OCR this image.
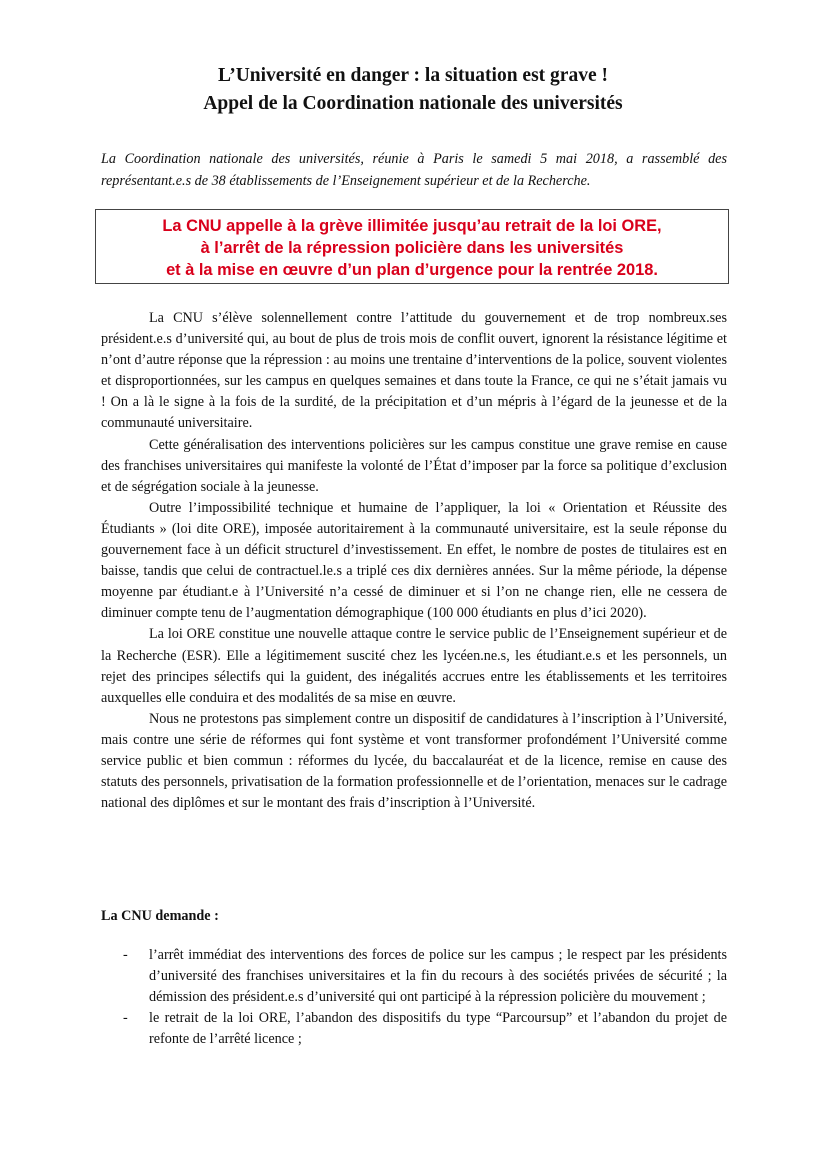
L’Université en danger : la situation est grave !
Appel de la Coordination nationale des universités
La Coordination nationale des universités, réunie à Paris le samedi 5 mai 2018, a rassemblé des représentant.e.s de 38 établissements de l’Enseignement supérieur et de la Recherche.
La CNU appelle à la grève illimitée jusqu’au retrait de la loi ORE,
à l’arrêt de la répression policière dans les universités
et à la mise en œuvre d’un plan d’urgence pour la rentrée 2018.

La CNU s’élève solennellement contre l’attitude du gouvernement et de trop nombreux.ses président.e.s d’université qui, au bout de plus de trois mois de conflit ouvert, ignorent la résistance légitime et n’ont d’autre réponse que la répression : au moins une trentaine d’interventions de la police, souvent violentes et disproportionnées, sur les campus en quelques semaines et dans toute la France, ce qui ne s’était jamais vu ! On a là le signe à la fois de la surdité, de la précipitation et d’un mépris à l’égard de la jeunesse et de la communauté universitaire.

Cette généralisation des interventions policières sur les campus constitue une grave remise en cause des franchises universitaires qui manifeste la volonté de l’État d’imposer par la force sa politique d’exclusion et de ségrégation sociale à la jeunesse.

Outre l’impossibilité technique et humaine de l’appliquer, la loi « Orientation et Réussite des Étudiants » (loi dite ORE), imposée autoritairement à la communauté universitaire, est la seule réponse du gouvernement face à un déficit structurel d’investissement. En effet, le nombre de postes de titulaires est en baisse, tandis que celui de contractuel.le.s a triplé ces dix dernières années. Sur la même période, la dépense moyenne par étudiant.e à l’Université n’a cessé de diminuer et si l’on ne change rien, elle ne cessera de diminuer compte tenu de l’augmentation démographique (100 000 étudiants en plus d’ici 2020).

La loi ORE constitue une nouvelle attaque contre le service public de l’Enseignement supérieur et de la Recherche (ESR). Elle a légitimement suscité chez les lycéen.ne.s, les étudiant.e.s et les personnels, un rejet des principes sélectifs qui la guident, des inégalités accrues entre les établissements et les territoires auxquelles elle conduira et des modalités de sa mise en œuvre.

Nous ne protestons pas simplement contre un dispositif de candidatures à l’inscription à l’Université, mais contre une série de réformes qui font système et vont transformer profondément l’Université comme service public et bien commun : réformes du lycée, du baccalauréat et de la licence, remise en cause des statuts des personnels, privatisation de la formation professionnelle et de l’orientation, menaces sur le cadrage national des diplômes et sur le montant des frais d’inscription à l’Université.

La CNU demande :
- l’arrêt immédiat des interventions des forces de police sur les campus ; le respect par les présidents d’université des franchises universitaires et la fin du recours à des sociétés privées de sécurité ; la démission des président.e.s d’université qui ont participé à la répression policière du mouvement ;
- le retrait de la loi ORE, l’abandon des dispositifs du type “Parcoursup” et l’abandon du projet de refonte de l’arrêté licence ;
